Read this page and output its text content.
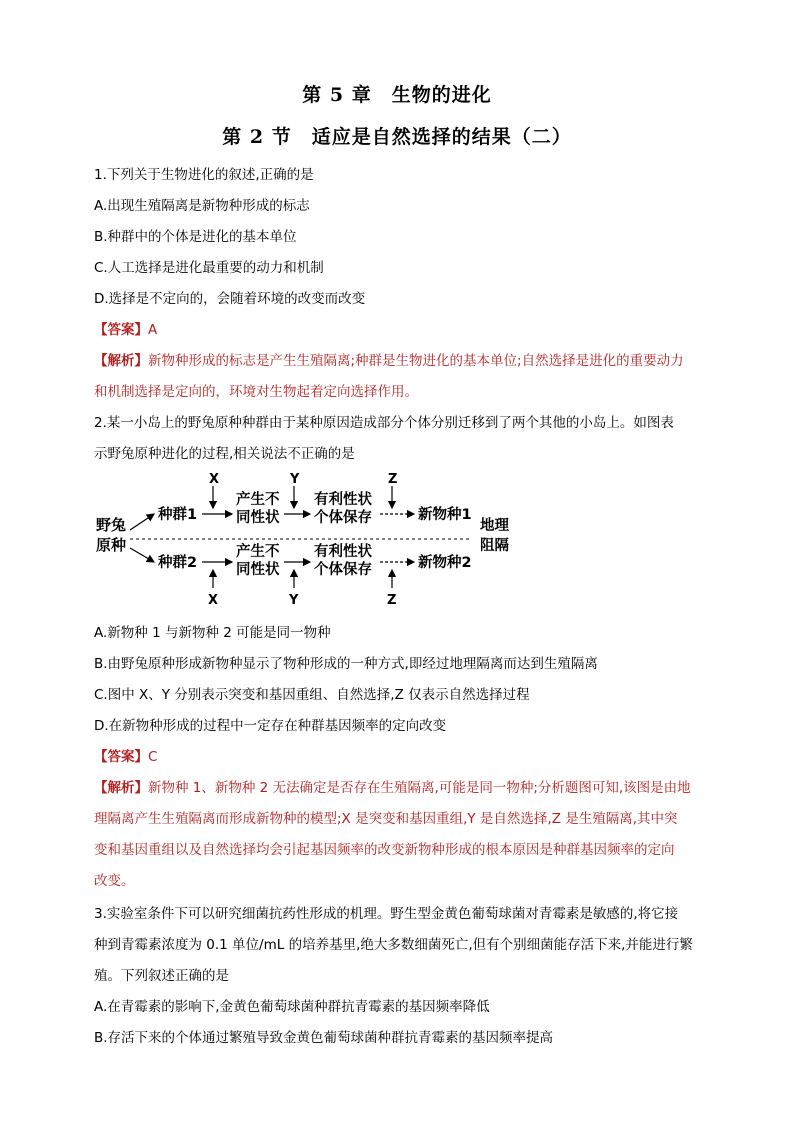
第 5 章　生物的进化
第 2 节　适应是自然选择的结果（二）
1.下列关于生物进化的叙述,正确的是
A.出现生殖隔离是新物种形成的标志
B.种群中的个体是进化的基本单位
C.人工选择是进化最重要的动力和机制
D.选择是不定向的，会随着环境的改变而改变
【答案】A
【解析】新物种形成的标志是产生生殖隔离;种群是生物进化的基本单位;自然选择是进化的重要动力
和机制选择是定向的，环境对生物起着定向选择作用。
2.某一小岛上的野兔原种种群由于某种原因造成部分个体分别迁移到了两个其他的小岛上。如图表
示野兔原种进化的过程,相关说法不正确的是
野兔
原种
种群1
产生不
同性状
有利性状
个体保存	新物种1
X	Y	Z
地理
阻隔
种群2
产生不
同性状
有利性状
个体保存	新物种2
X	Y	Z
A.新物种 1 与新物种 2 可能是同一物种
B.由野兔原种形成新物种显示了物种形成的一种方式,即经过地理隔离而达到生殖隔离
C.图中 X、Y 分别表示突变和基因重组、自然选择,Z 仅表示自然选择过程
D.在新物种形成的过程中一定存在种群基因频率的定向改变
【答案】C
【解析】新物种 1、新物种 2 无法确定是否存在生殖隔离,可能是同一物种;分析题图可知,该图是由地
理隔离产生生殖隔离而形成新物种的模型;X 是突变和基因重组,Y 是自然选择,Z 是生殖隔离,其中突
变和基因重组以及自然选择均会引起基因频率的改变新物种形成的根本原因是种群基因频率的定向
改变。
3.实验室条件下可以研究细菌抗药性形成的机理。野生型金黄色葡萄球菌对青霉素是敏感的,将它接
种到青霉素浓度为 0.1 单位/mL 的培养基里,绝大多数细菌死亡,但有个别细菌能存活下来,并能进行繁
殖。下列叙述正确的是
A.在青霉素的影响下,金黄色葡萄球菌种群抗青霉素的基因频率降低
B.存活下来的个体通过繁殖导致金黄色葡萄球菌种群抗青霉素的基因频率提高
